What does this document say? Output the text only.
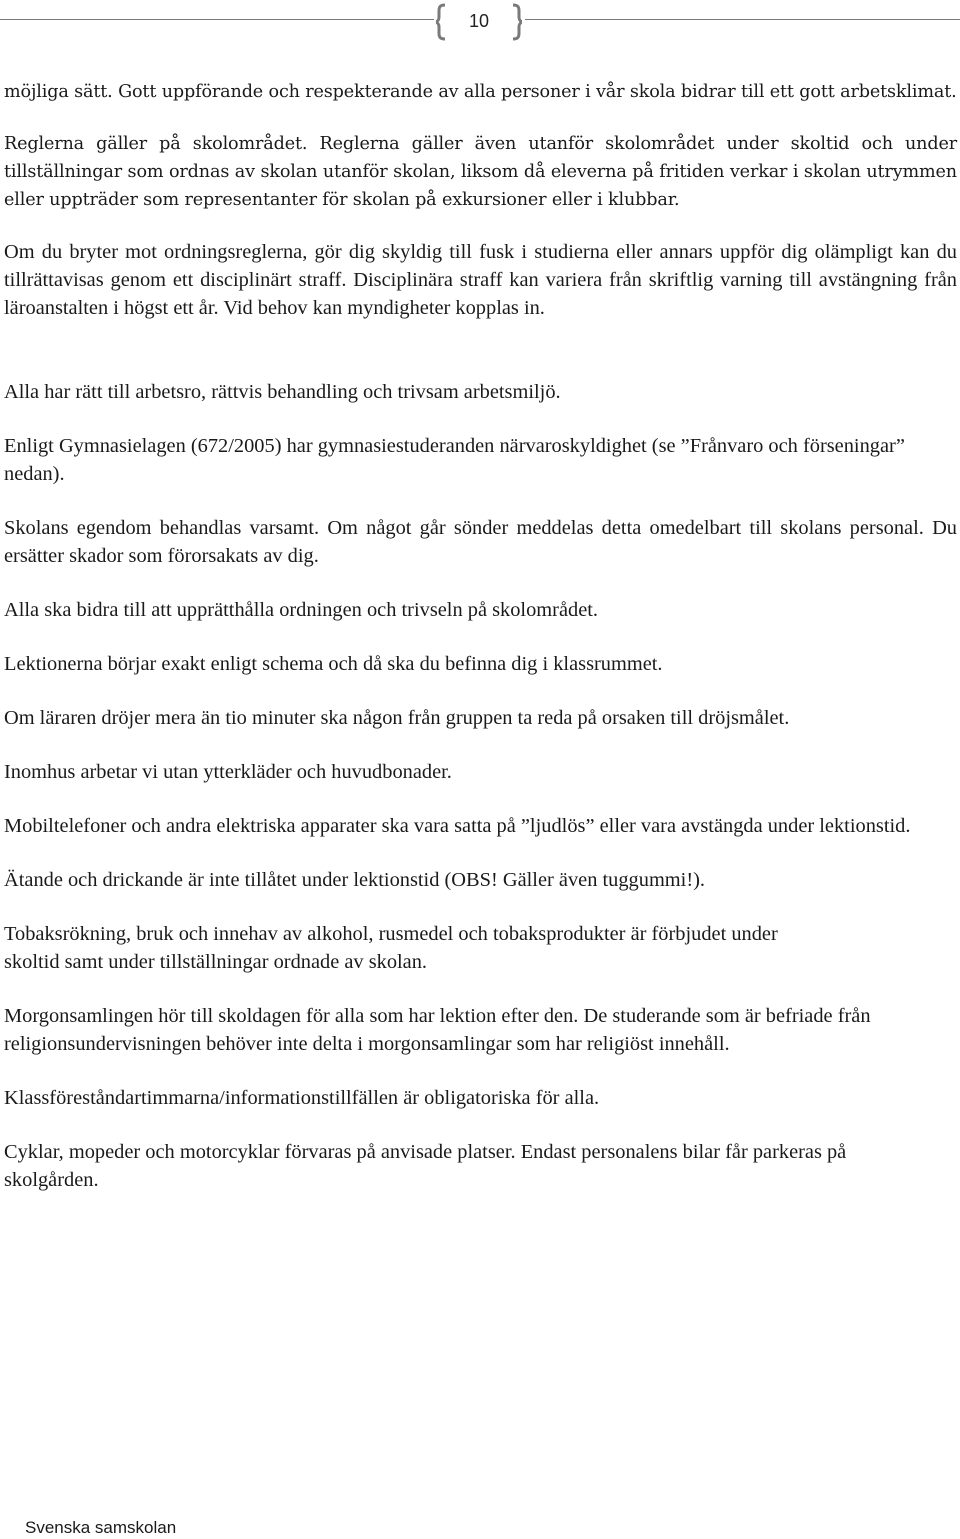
10

möjliga sätt. Gott uppförande och respekterande av alla personer i vår skola bidrar till ett gott arbetsklimat.

Reglerna gäller på skolområdet. Reglerna gäller även utanför skolområdet under skoltid och under tillställningar som ordnas av skolan utanför skolan, liksom då eleverna på fritiden verkar i skolan utrymmen eller uppträder som representanter för skolan på exkursioner eller i klubbar.

Om du bryter mot ordningsreglerna, gör dig skyldig till fusk i studierna eller annars uppför dig olämpligt kan du tillrättavisas genom ett disciplinärt straff. Disciplinära straff kan variera från skriftlig varning till avstängning från läroanstalten i högst ett år. Vid behov kan myndigheter kopplas in.

Alla har rätt till arbetsro, rättvis behandling och trivsam arbetsmiljö.

Enligt Gymnasielagen (672/2005) har gymnasiestuderanden närvaroskyldighet (se ”Frånvaro och förseningar” nedan).

Skolans egendom behandlas varsamt. Om något går sönder meddelas detta omedelbart till skolans personal. Du ersätter skador som förorsakats av dig.

Alla ska bidra till att upprätthålla ordningen och trivseln på skolområdet.

Lektionerna börjar exakt enligt schema och då ska du befinna dig i klassrummet.

Om läraren dröjer mera än tio minuter ska någon från gruppen ta reda på orsaken till dröjsmålet.

Inomhus arbetar vi utan ytterkläder och huvudbonader.

Mobiltelefoner och andra elektriska apparater ska vara satta på ”ljudlös” eller vara avstängda under lektionstid.

Ätande och drickande är inte tillåtet under lektionstid (OBS! Gäller även tuggummi!).

Tobaksrökning, bruk och innehav av alkohol, rusmedel och tobaksprodukter är förbjudet under skoltid samt under tillställningar ordnade av skolan.

Morgonsamlingen hör till skoldagen för alla som har lektion efter den. De studerande som är befriade från religionsundervisningen behöver inte delta i morgonsamlingar som har religiöst innehåll.

Klassföreståndartimmarna/informationstillfällen är obligatoriska för alla.

Cyklar, mopeder och motorcyklar förvaras på anvisade platser. Endast personalens bilar får parkeras på skolgården.

Svenska samskolan
